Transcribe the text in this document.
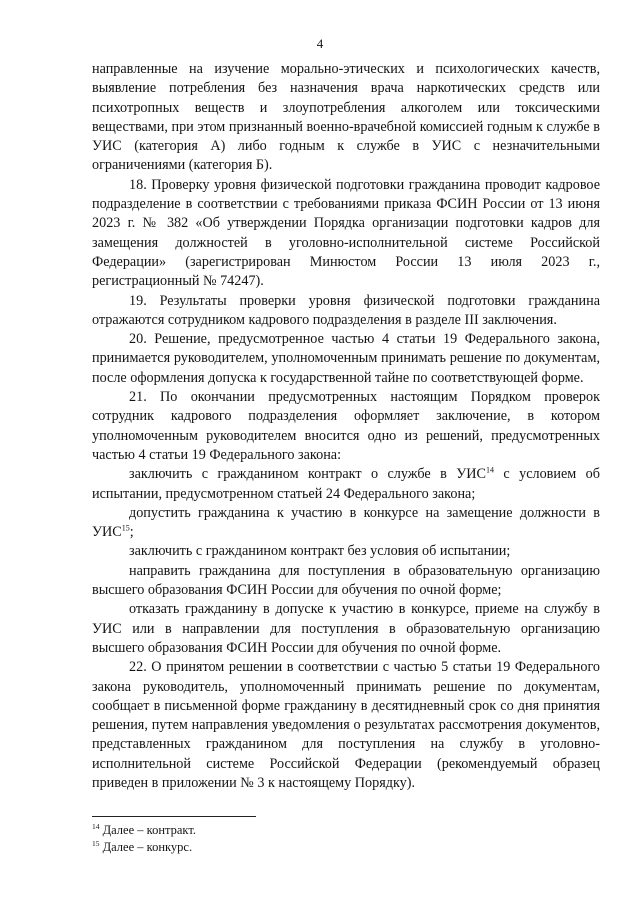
4

направленные на изучение морально-этических и психологических качеств, выявление потребления без назначения врача наркотических средств или психотропных веществ и злоупотребления алкоголем или токсическими веществами, при этом признанный военно-врачебной комиссией годным к службе в УИС (категория А) либо годным к службе в УИС с незначительными ограничениями (категория Б).

18. Проверку уровня физической подготовки гражданина проводит кадровое подразделение в соответствии с требованиями приказа ФСИН России от 13 июня 2023 г. № 382 «Об утверждении Порядка организации подготовки кадров для замещения должностей в уголовно-исполнительной системе Российской Федерации» (зарегистрирован Минюстом России 13 июля 2023 г., регистрационный № 74247).

19. Результаты проверки уровня физической подготовки гражданина отражаются сотрудником кадрового подразделения в разделе III заключения.

20. Решение, предусмотренное частью 4 статьи 19 Федерального закона, принимается руководителем, уполномоченным принимать решение по документам, после оформления допуска к государственной тайне по соответствующей форме.

21. По окончании предусмотренных настоящим Порядком проверок сотрудник кадрового подразделения оформляет заключение, в котором уполномоченным руководителем вносится одно из решений, предусмотренных частью 4 статьи 19 Федерального закона:

заключить с гражданином контракт о службе в УИС$^{14}$ с условием об испытании, предусмотренном статьей 24 Федерального закона;

допустить гражданина к участию в конкурсе на замещение должности в УИС$^{15}$;

заключить с гражданином контракт без условия об испытании;

направить гражданина для поступления в образовательную организацию высшего образования ФСИН России для обучения по очной форме;

отказать гражданину в допуске к участию в конкурсе, приеме на службу в УИС или в направлении для поступления в образовательную организацию высшего образования ФСИН России для обучения по очной форме.

22. О принятом решении в соответствии с частью 5 статьи 19 Федерального закона руководитель, уполномоченный принимать решение по документам, сообщает в письменной форме гражданину в десятидневный срок со дня принятия решения, путем направления уведомления о результатах рассмотрения документов, представленных гражданином для поступления на службу в уголовно-исполнительной системе Российской Федерации (рекомендуемый образец приведен в приложении № 3 к настоящему Порядку).

$^{14}$ Далее – контракт.

$^{15}$ Далее – конкурс.
